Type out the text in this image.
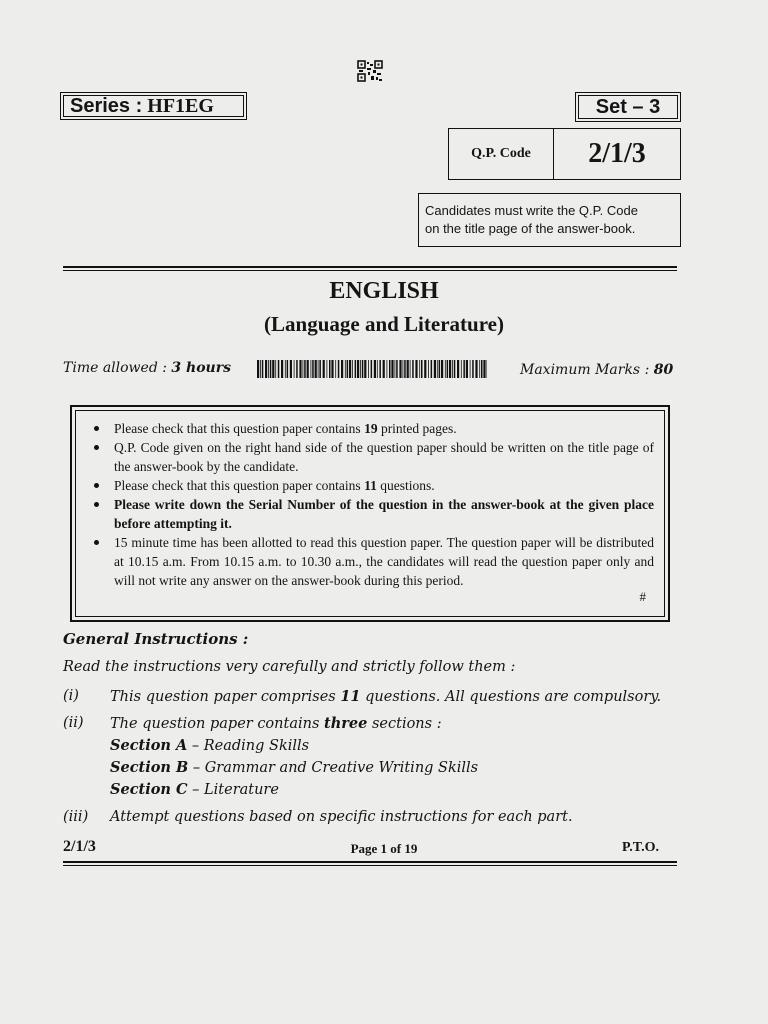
Series : HF1EG	Set – 3
Q.P. Code	2/1/3
Candidates must write the Q.P. Code
on the title page of the answer-book.
ENGLISH
(Language and Literature)
Time allowed : 3 hours	Maximum Marks : 80
Please check that this question paper contains 19 printed pages.
Q.P. Code given on the right hand side of the question paper should be written on the title page of the answer-book by the candidate.
Please check that this question paper contains 11 questions.
Please write down the Serial Number of the question in the answer-book at the given place before attempting it.
15 minute time has been allotted to read this question paper. The question paper will be distributed at 10.15 a.m. From 10.15 a.m. to 10.30 a.m., the candidates will read the question paper only and will not write any answer on the answer-book during this period.
#
General Instructions :
Read the instructions very carefully and strictly follow them :
(i) This question paper comprises 11 questions. All questions are compulsory.
(ii) The question paper contains three sections :
Section A – Reading Skills
Section B – Grammar and Creative Writing Skills
Section C – Literature
(iii) Attempt questions based on specific instructions for each part.
2/1/3	Page 1 of 19	P.T.O.
